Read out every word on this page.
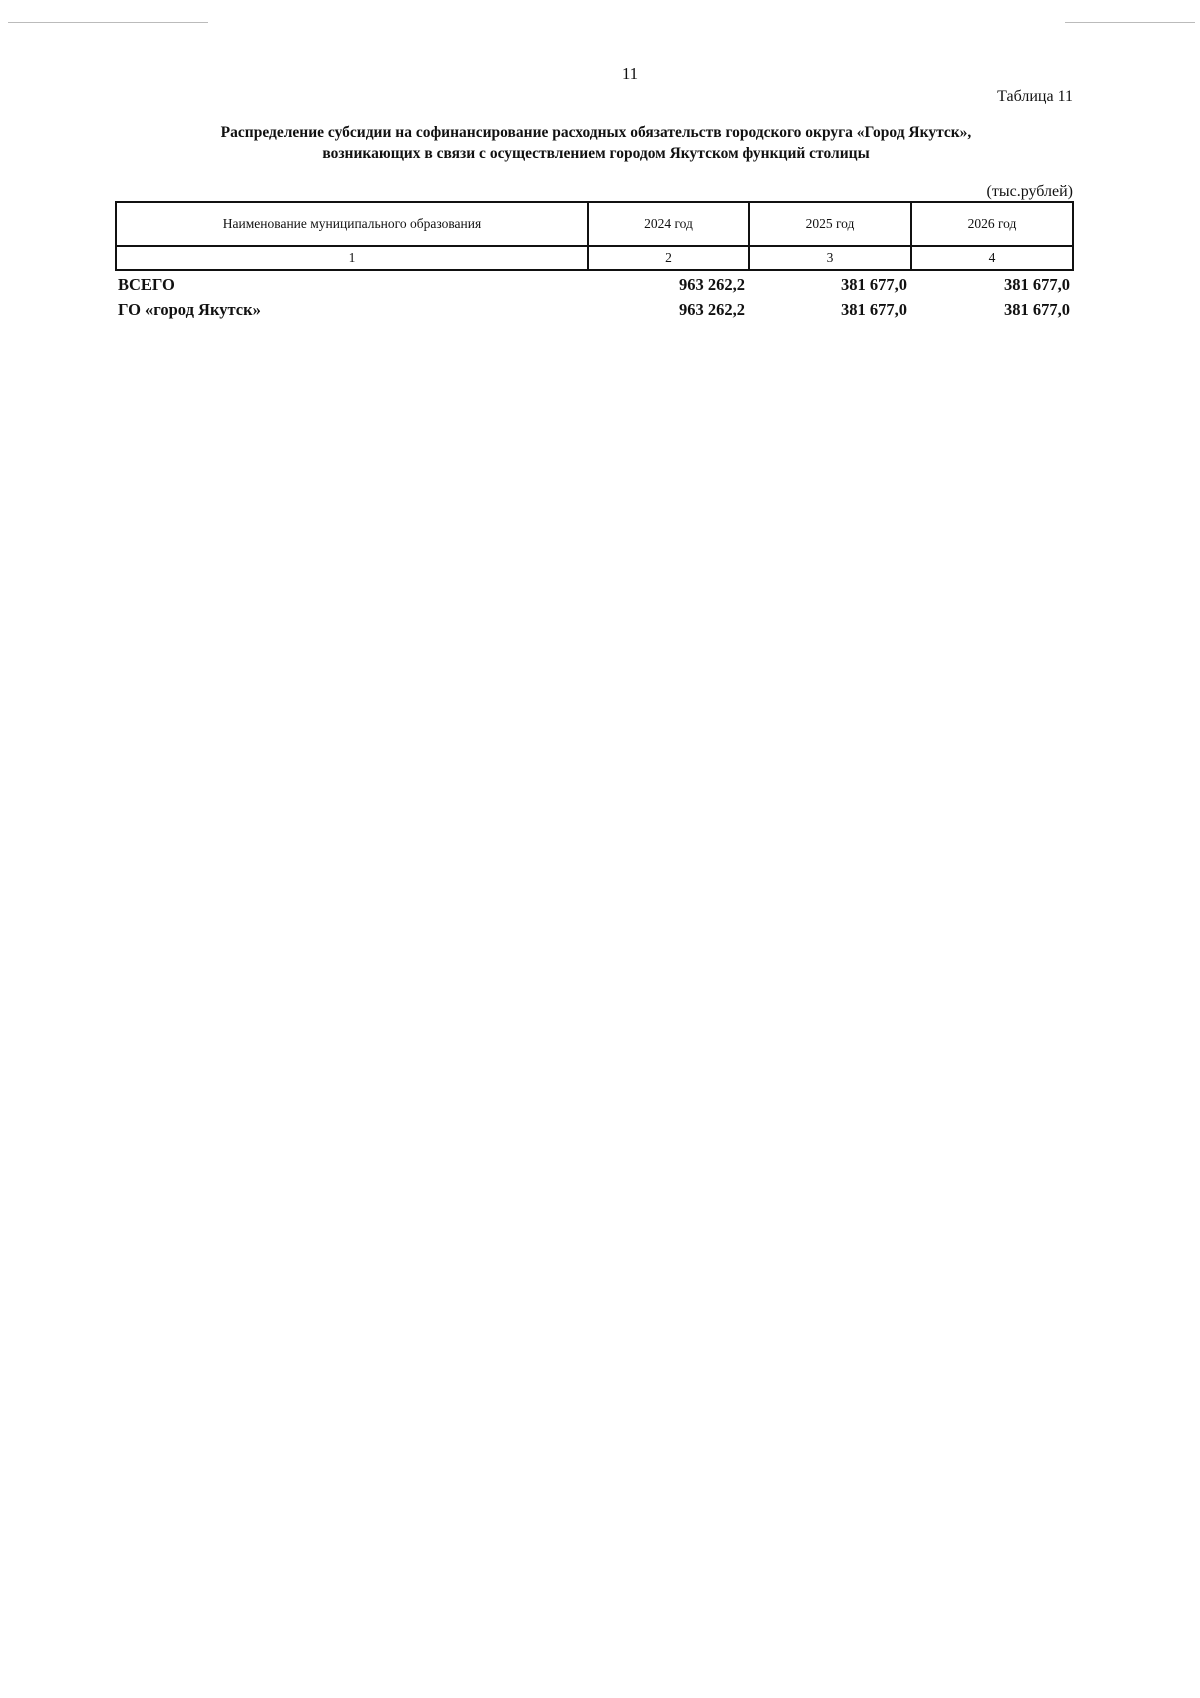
11
Таблица 11
Распределение субсидии на софинансирование расходных обязательств городского округа «Город Якутск»,
возникающих в связи с осуществлением городом Якутском функций столицы
(тыс.рублей)
Наименование муниципального образования	2024 год	2025 год	2026 год
1	2	3	4
ВСЕГО	963 262,2	381 677,0	381 677,0
ГО «город Якутск»	963 262,2	381 677,0	381 677,0
